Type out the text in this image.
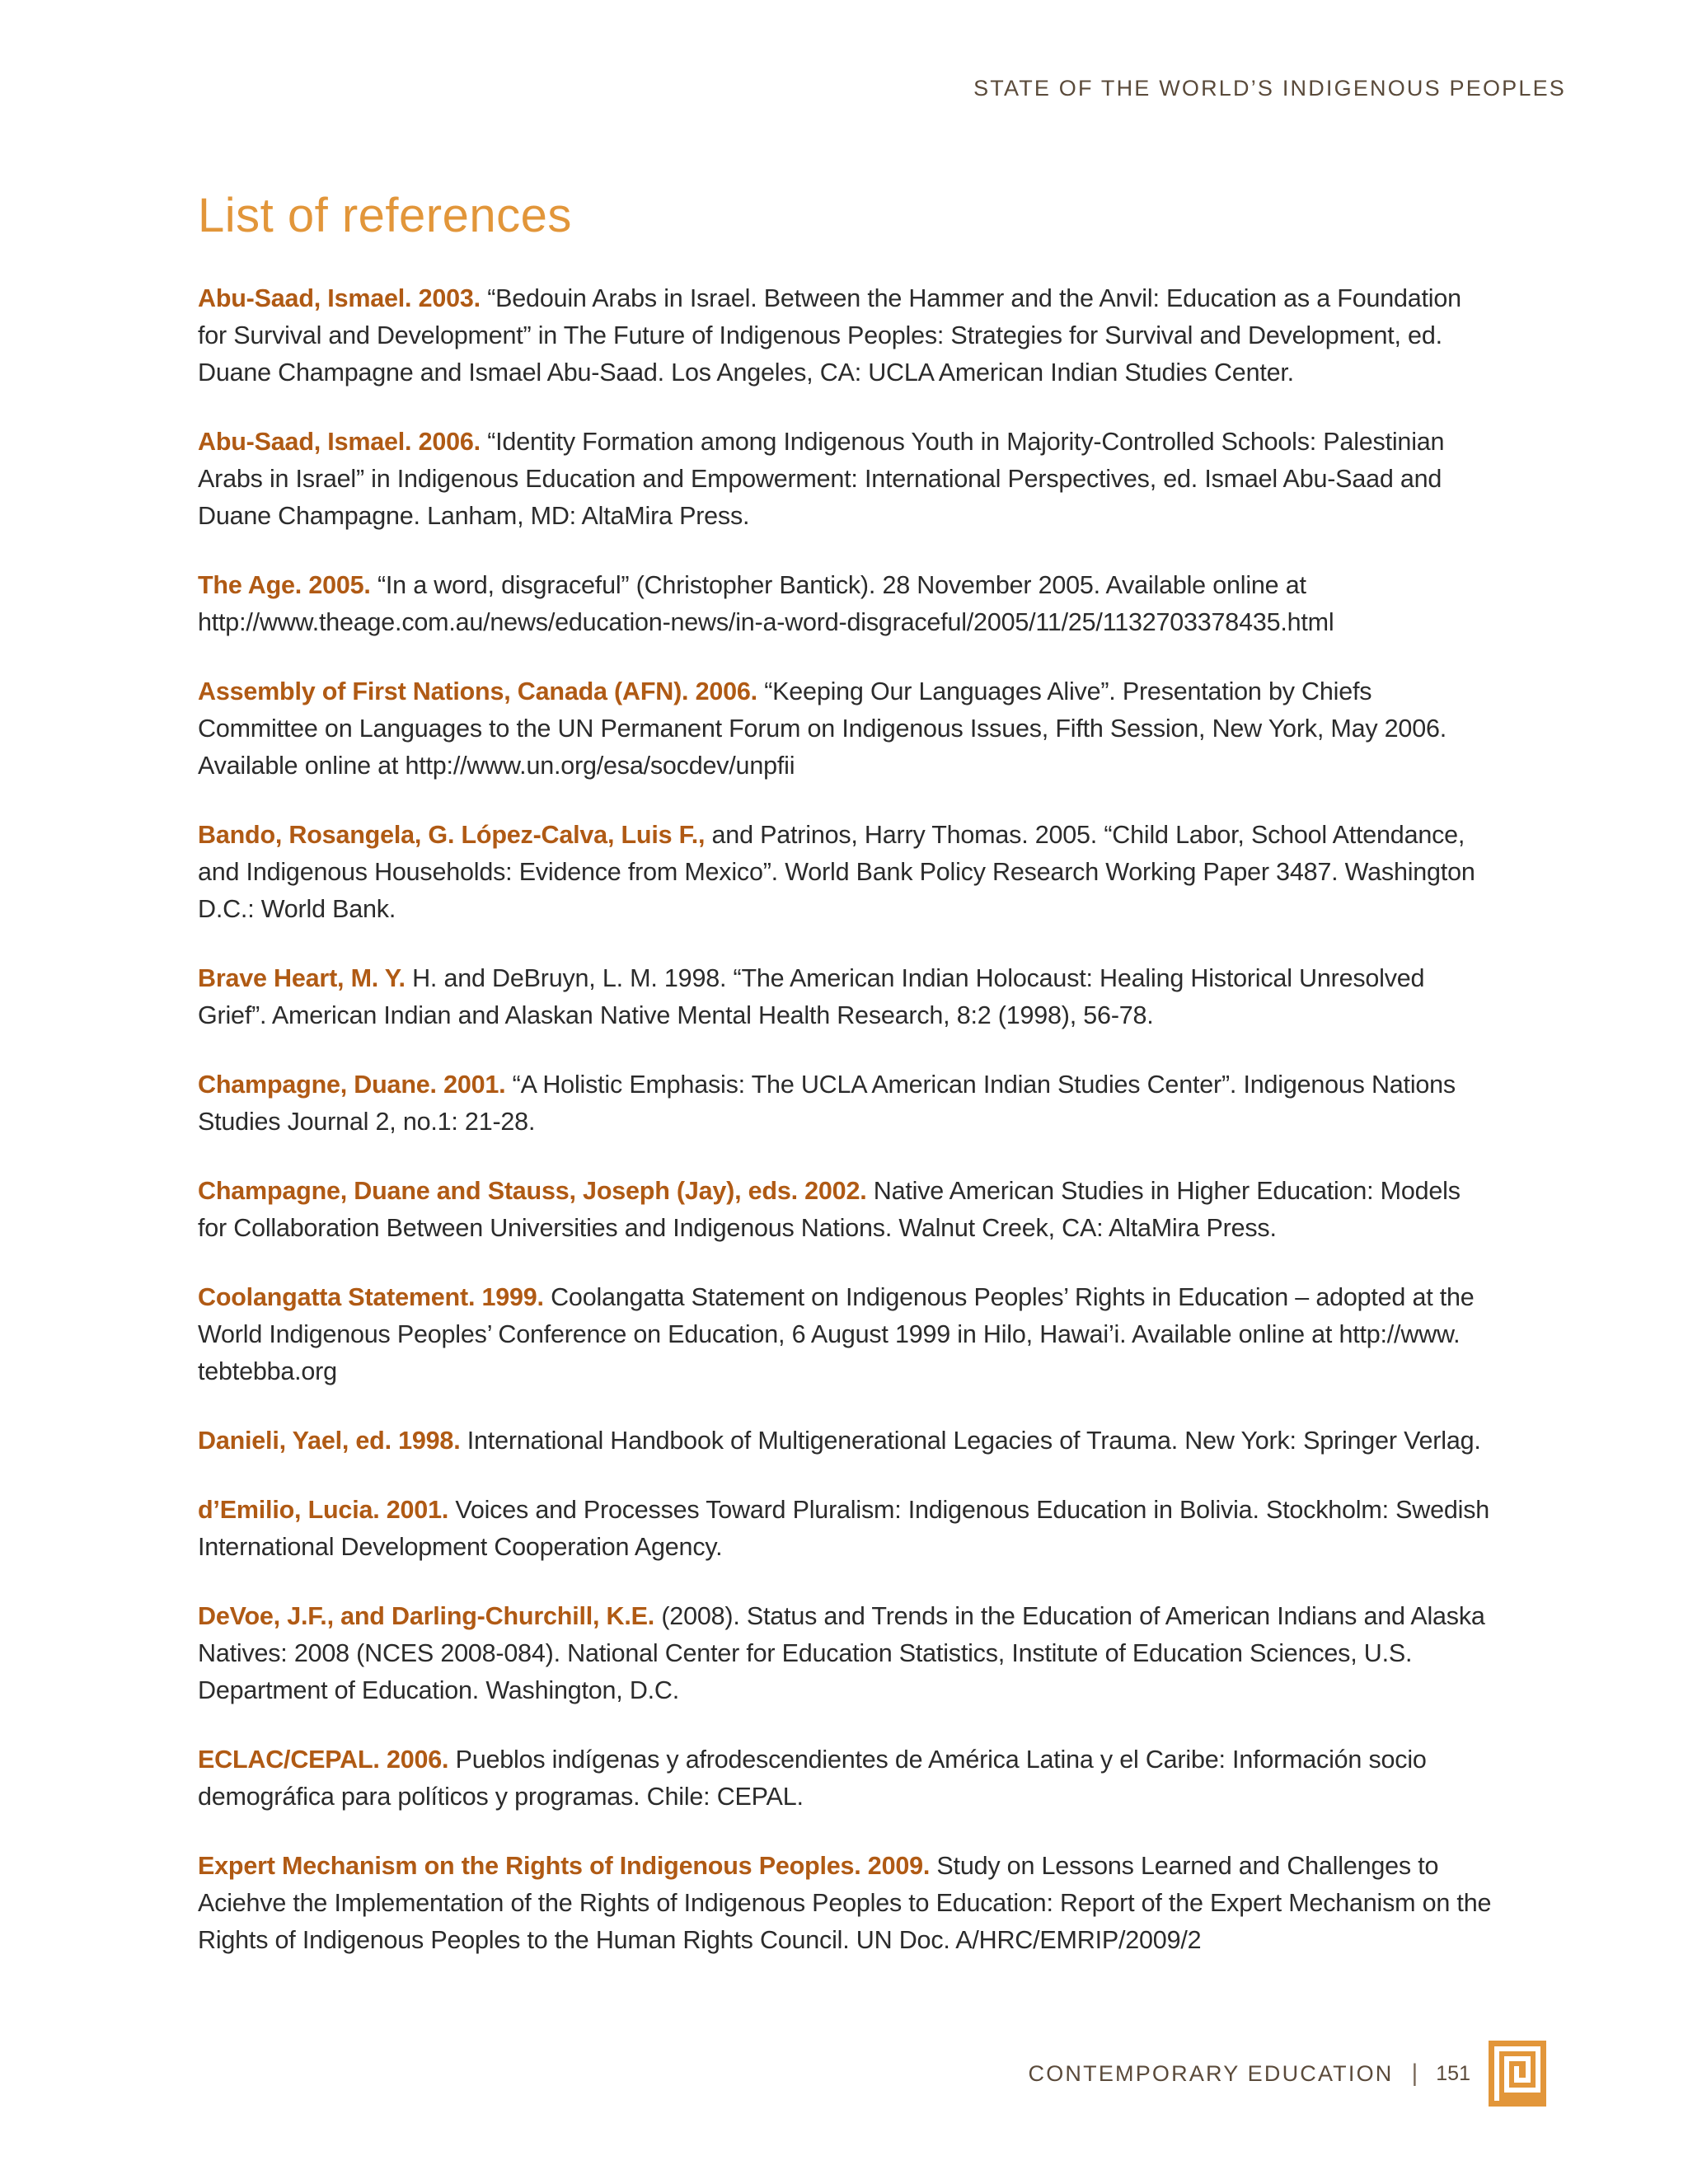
STATE OF THE WORLD’S INDIGENOUS PEOPLES
List of references

Abu-Saad, Ismael. 2003. “Bedouin Arabs in Israel. Between the Hammer and the Anvil: Education as a Foundation for Survival and Development” in The Future of Indigenous Peoples: Strategies for Survival and Development, ed. Duane Champagne and Ismael Abu-Saad. Los Angeles, CA: UCLA American Indian Studies Center.

Abu-Saad, Ismael. 2006. “Identity Formation among Indigenous Youth in Majority-Controlled Schools: Palestinian Arabs in Israel” in Indigenous Education and Empowerment: International Perspectives, ed. Ismael Abu-Saad and Duane Champagne. Lanham, MD: AltaMira Press.

The Age. 2005. “In a word, disgraceful” (Christopher Bantick). 28 November 2005. Available online at http://www.theage.com.au/news/education-news/in-a-word-disgraceful/2005/11/25/1132703378435.html

Assembly of First Nations, Canada (AFN). 2006. “Keeping Our Languages Alive”. Presentation by Chiefs Committee on Languages to the UN Permanent Forum on Indigenous Issues, Fifth Session, New York, May 2006. Available online at http://www.un.org/esa/socdev/unpfii

Bando, Rosangela, G. López-Calva, Luis F., and Patrinos, Harry Thomas. 2005. “Child Labor, School Attendance, and Indigenous Households: Evidence from Mexico”. World Bank Policy Research Working Paper 3487. Washington D.C.: World Bank.

Brave Heart, M. Y. H. and DeBruyn, L. M. 1998. “The American Indian Holocaust: Healing Historical Unresolved Grief”. American Indian and Alaskan Native Mental Health Research, 8:2 (1998), 56-78.

Champagne, Duane. 2001. “A Holistic Emphasis: The UCLA American Indian Studies Center”. Indigenous Nations Studies Journal 2, no.1: 21-28.

Champagne, Duane and Stauss, Joseph (Jay), eds. 2002. Native American Studies in Higher Education: Models for Collaboration Between Universities and Indigenous Nations. Walnut Creek, CA: AltaMira Press.

Coolangatta Statement. 1999. Coolangatta Statement on Indigenous Peoples’ Rights in Education – adopted at the World Indigenous Peoples’ Conference on Education, 6 August 1999 in Hilo, Hawai’i. Available online at http://www. tebtebba.org

Danieli, Yael, ed. 1998. International Handbook of Multigenerational Legacies of Trauma. New York: Springer Verlag.

d’Emilio, Lucia. 2001. Voices and Processes Toward Pluralism: Indigenous Education in Bolivia. Stockholm: Swedish International Development Cooperation Agency.

DeVoe, J.F., and Darling-Churchill, K.E. (2008). Status and Trends in the Education of American Indians and Alaska Natives: 2008 (NCES 2008-084). National Center for Education Statistics, Institute of Education Sciences, U.S. Department of Education. Washington, D.C.

ECLAC/CEPAL. 2006. Pueblos indígenas y afrodescendientes de América Latina y el Caribe: Información socio demográfica para políticos y programas. Chile: CEPAL.

Expert Mechanism on the Rights of Indigenous Peoples. 2009. Study on Lessons Learned and Challenges to Aciehve the Implementation of the Rights of Indigenous Peoples to Education: Report of the Expert Mechanism on the Rights of Indigenous Peoples to the Human Rights Council. UN Doc. A/HRC/EMRIP/2009/2

CONTEMPORARY EDUCATION | 151
